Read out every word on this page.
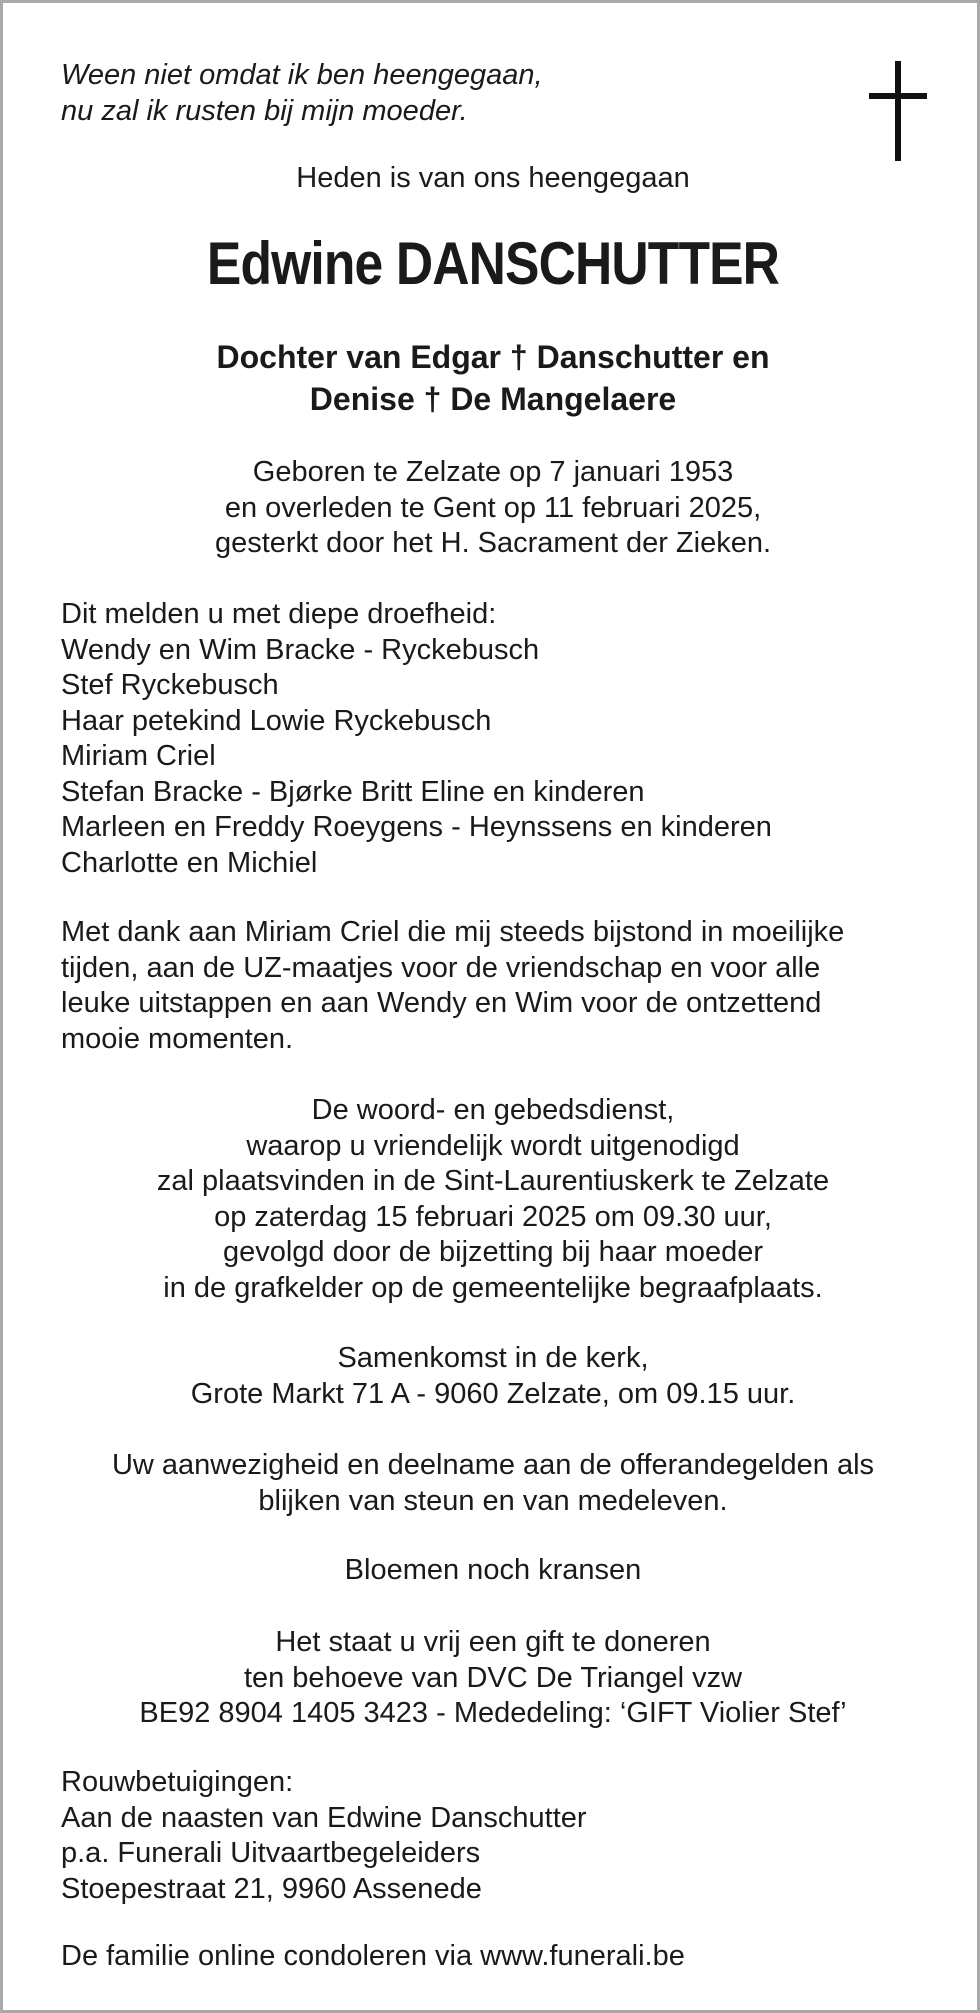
Ween niet omdat ik ben heengegaan,
nu zal ik rusten bij mijn moeder.
Heden is van ons heengegaan
Edwine DANSCHUTTER
Dochter van Edgar † Danschutter en
Denise † De Mangelaere
Geboren te Zelzate op 7 januari 1953
en overleden te Gent op 11 februari 2025,
gesterkt door het H. Sacrament der Zieken.
Dit melden u met diepe droefheid:
Wendy en Wim Bracke - Ryckebusch
Stef Ryckebusch
Haar petekind Lowie Ryckebusch
Miriam Criel
Stefan Bracke - Bjørke Britt Eline en kinderen
Marleen en Freddy Roeygens - Heynssens en kinderen
Charlotte en Michiel
Met dank aan Miriam Criel die mij steeds bijstond in moeilijke
tijden, aan de UZ-maatjes voor de vriendschap en voor alle
leuke uitstappen en aan Wendy en Wim voor de ontzettend
mooie momenten.
De woord- en gebedsdienst,
waarop u vriendelijk wordt uitgenodigd
zal plaatsvinden in de Sint-Laurentiuskerk te Zelzate
op zaterdag 15 februari 2025 om 09.30 uur,
gevolgd door de bijzetting bij haar moeder
in de grafkelder op de gemeentelijke begraafplaats.
Samenkomst in de kerk,
Grote Markt 71 A - 9060 Zelzate, om 09.15 uur.
Uw aanwezigheid en deelname aan de offerandegelden als
blijken van steun en van medeleven.
Bloemen noch kransen
Het staat u vrij een gift te doneren
ten behoeve van DVC De Triangel vzw
BE92 8904 1405 3423 - Mededeling: ‘GIFT Violier Stef’
Rouwbetuigingen:
Aan de naasten van Edwine Danschutter
p.a. Funerali Uitvaartbegeleiders
Stoepestraat 21, 9960 Assenede
De familie online condoleren via www.funerali.be
